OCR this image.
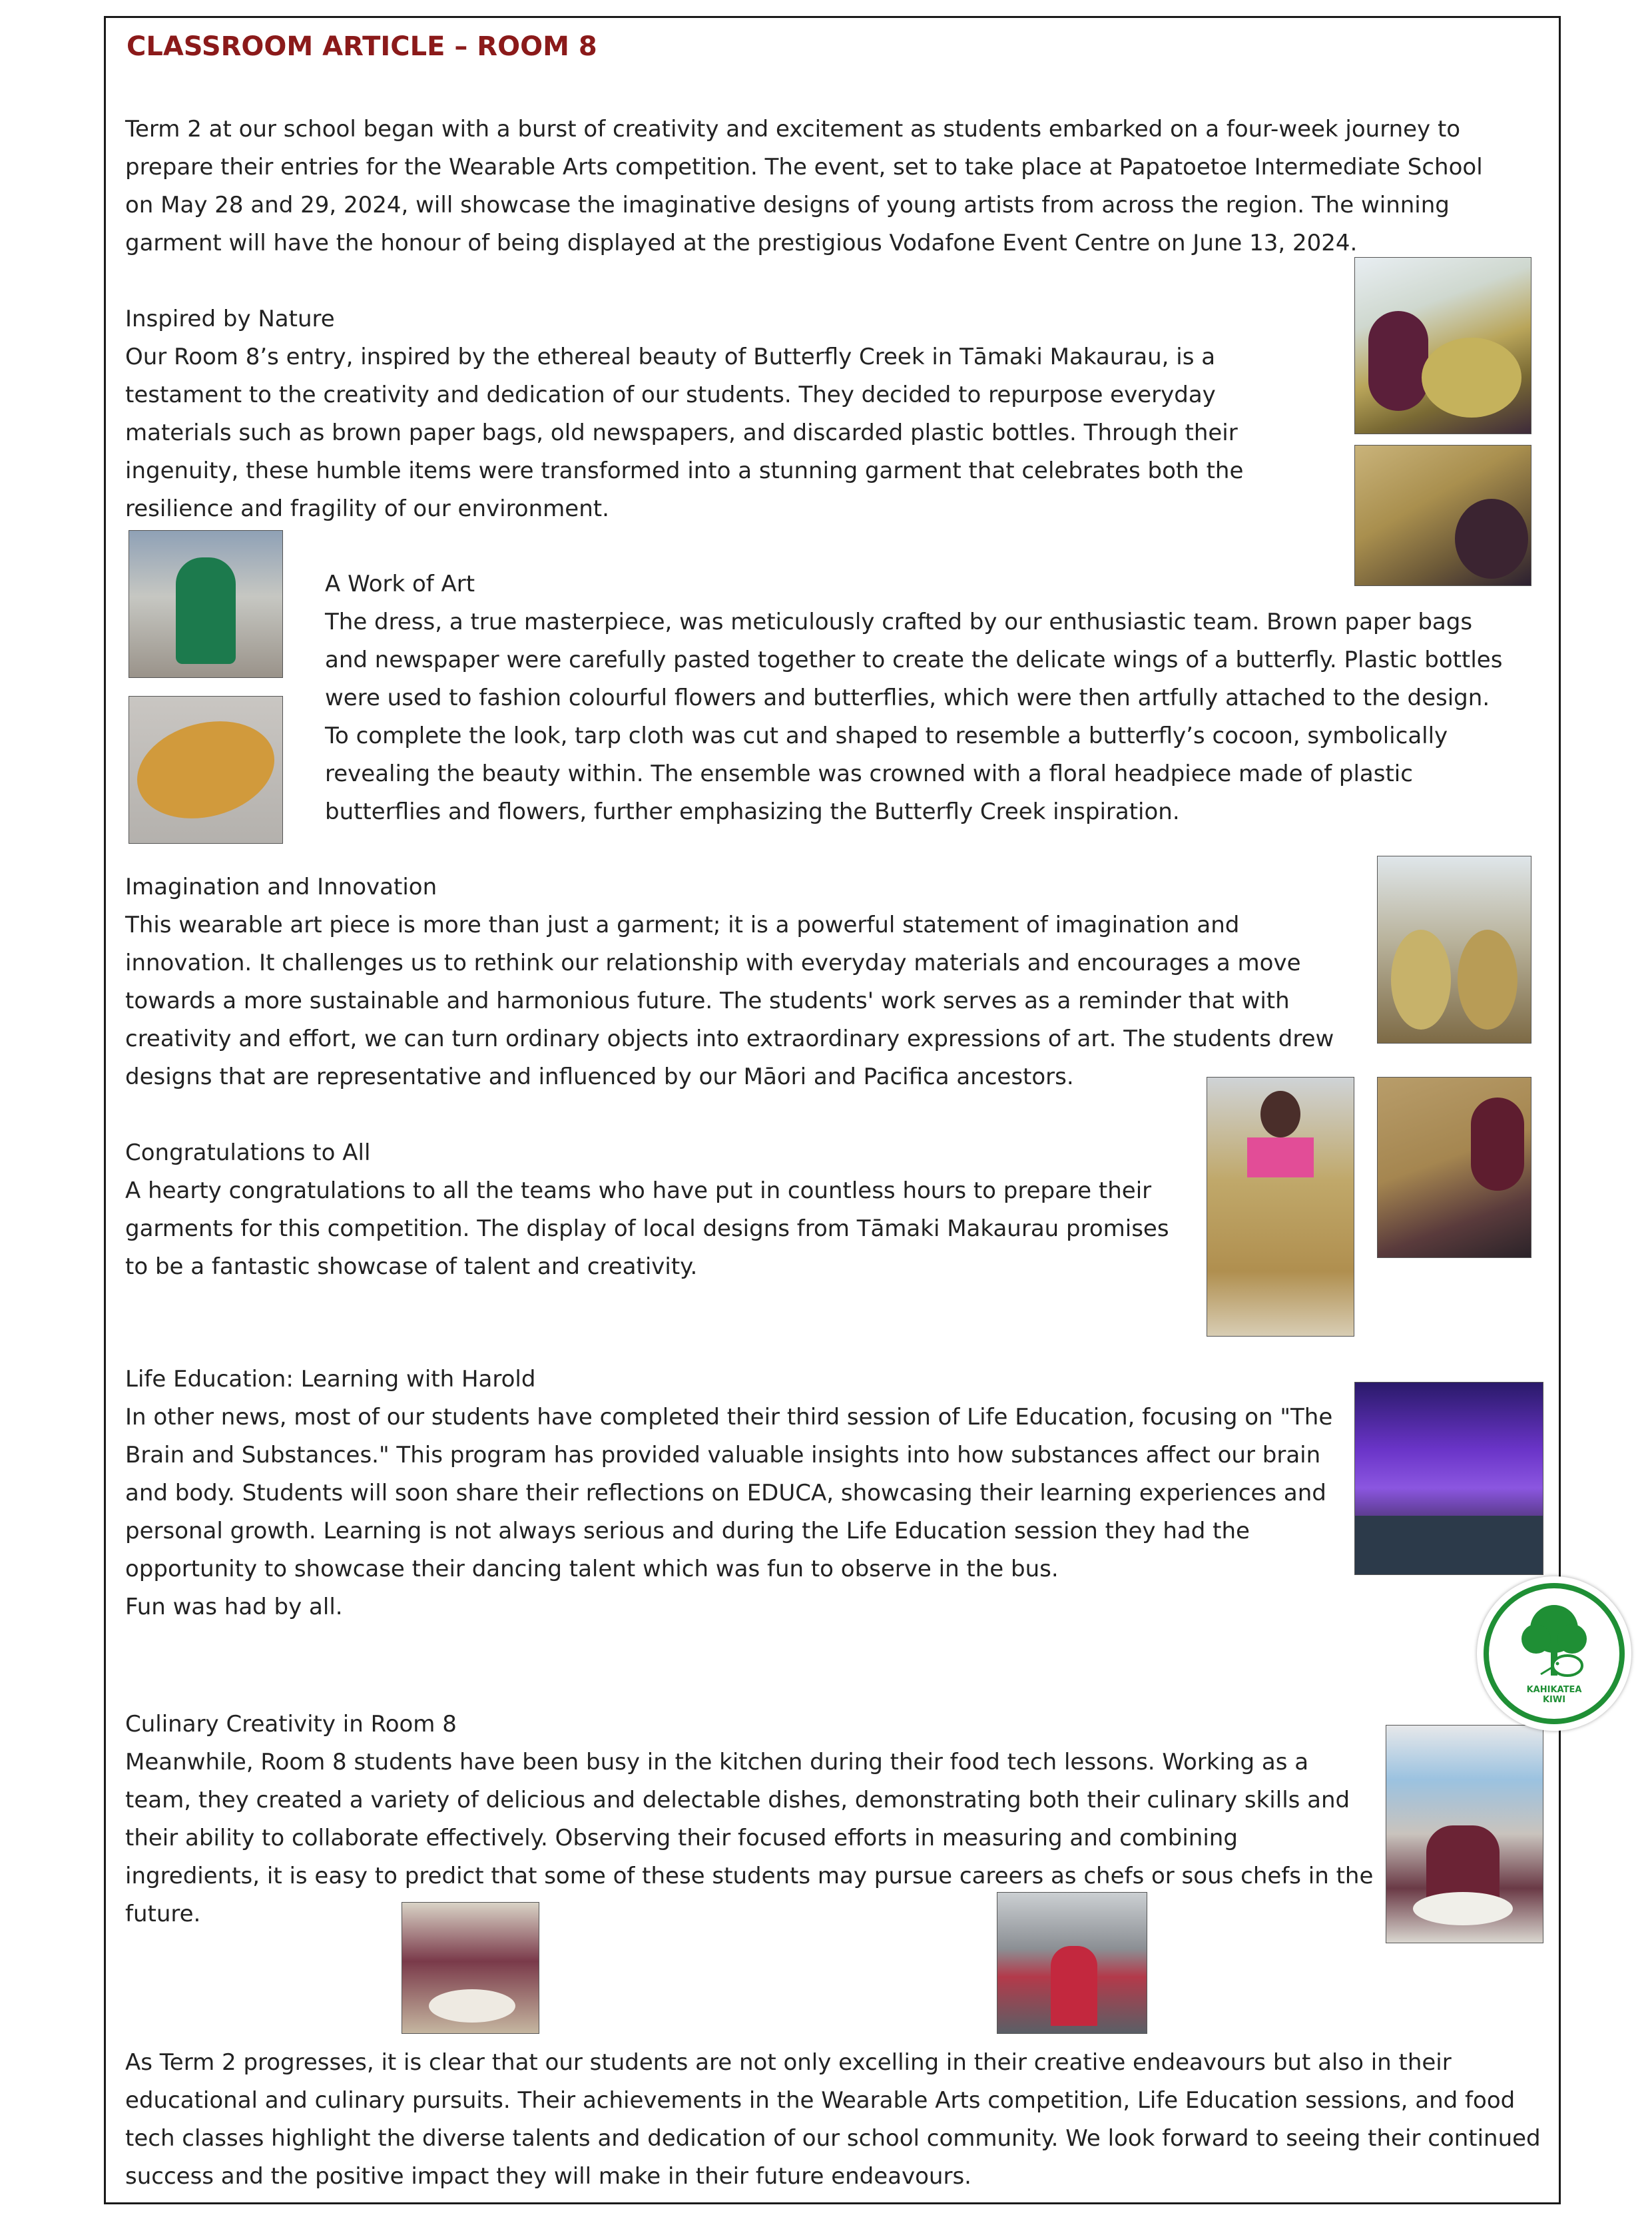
CLASSROOM ARTICLE – ROOM 8

Term 2 at our school began with a burst of creativity and excitement as students embarked on a four-week journey to prepare their entries for the Wearable Arts competition. The event, set to take place at Papatoetoe Intermediate School on May 28 and 29, 2024, will showcase the imaginative designs of young artists from across the region. The winning garment will have the honour of being displayed at the prestigious Vodafone Event Centre on June 13, 2024.

Inspired by Nature

Our Room 8’s entry, inspired by the ethereal beauty of Butterfly Creek in Tāmaki Makaurau, is a testament to the creativity and dedication of our students. They decided to repurpose everyday materials such as brown paper bags, old newspapers, and discarded plastic bottles. Through their ingenuity, these humble items were transformed into a stunning garment that celebrates both the resilience and fragility of our environment.

A Work of Art

The dress, a true masterpiece, was meticulously crafted by our enthusiastic team. Brown paper bags and newspaper were carefully pasted together to create the delicate wings of a butterfly. Plastic bottles were used to fashion colourful flowers and butterflies, which were then artfully attached to the design. To complete the look, tarp cloth was cut and shaped to resemble a butterfly’s cocoon, symbolically revealing the beauty within. The ensemble was crowned with a floral headpiece made of plastic butterflies and flowers, further emphasizing the Butterfly Creek inspiration.

Imagination and Innovation

This wearable art piece is more than just a garment; it is a powerful statement of imagination and innovation. It challenges us to rethink our relationship with everyday materials and encourages a move towards a more sustainable and harmonious future. The students' work serves as a reminder that with creativity and effort, we can turn ordinary objects into extraordinary expressions of art. The students drew designs that are representative and influenced by our Māori and Pacifica ancestors.

Congratulations to All

A hearty congratulations to all the teams who have put in countless hours to prepare their garments for this competition. The display of local designs from Tāmaki Makaurau promises to be a fantastic showcase of talent and creativity.

Life Education: Learning with Harold

In other news, most of our students have completed their third session of Life Education, focusing on "The Brain and Substances." This program has provided valuable insights into how substances affect our brain and body. Students will soon share their reflections on EDUCA, showcasing their learning experiences and personal growth. Learning is not always serious and during the Life Education session they had the opportunity to showcase their dancing talent which was fun to observe in the bus.

Fun was had by all.

Culinary Creativity in Room 8

Meanwhile, Room 8 students have been busy in the kitchen during their food tech lessons. Working as a team, they created a variety of delicious and delectable dishes, demonstrating both their culinary skills and their ability to collaborate effectively. Observing their focused efforts in measuring and combining ingredients, it is easy to predict that some of these students may pursue careers as chefs or sous chefs in the future.

As Term 2 progresses, it is clear that our students are not only excelling in their creative endeavours but also in their educational and culinary pursuits. Their achievements in the Wearable Arts competition, Life Education sessions, and food tech classes highlight the diverse talents and dedication of our school community. We look forward to seeing their continued success and the positive impact they will make in their future endeavours.

KAHIKATEA
KIWI
